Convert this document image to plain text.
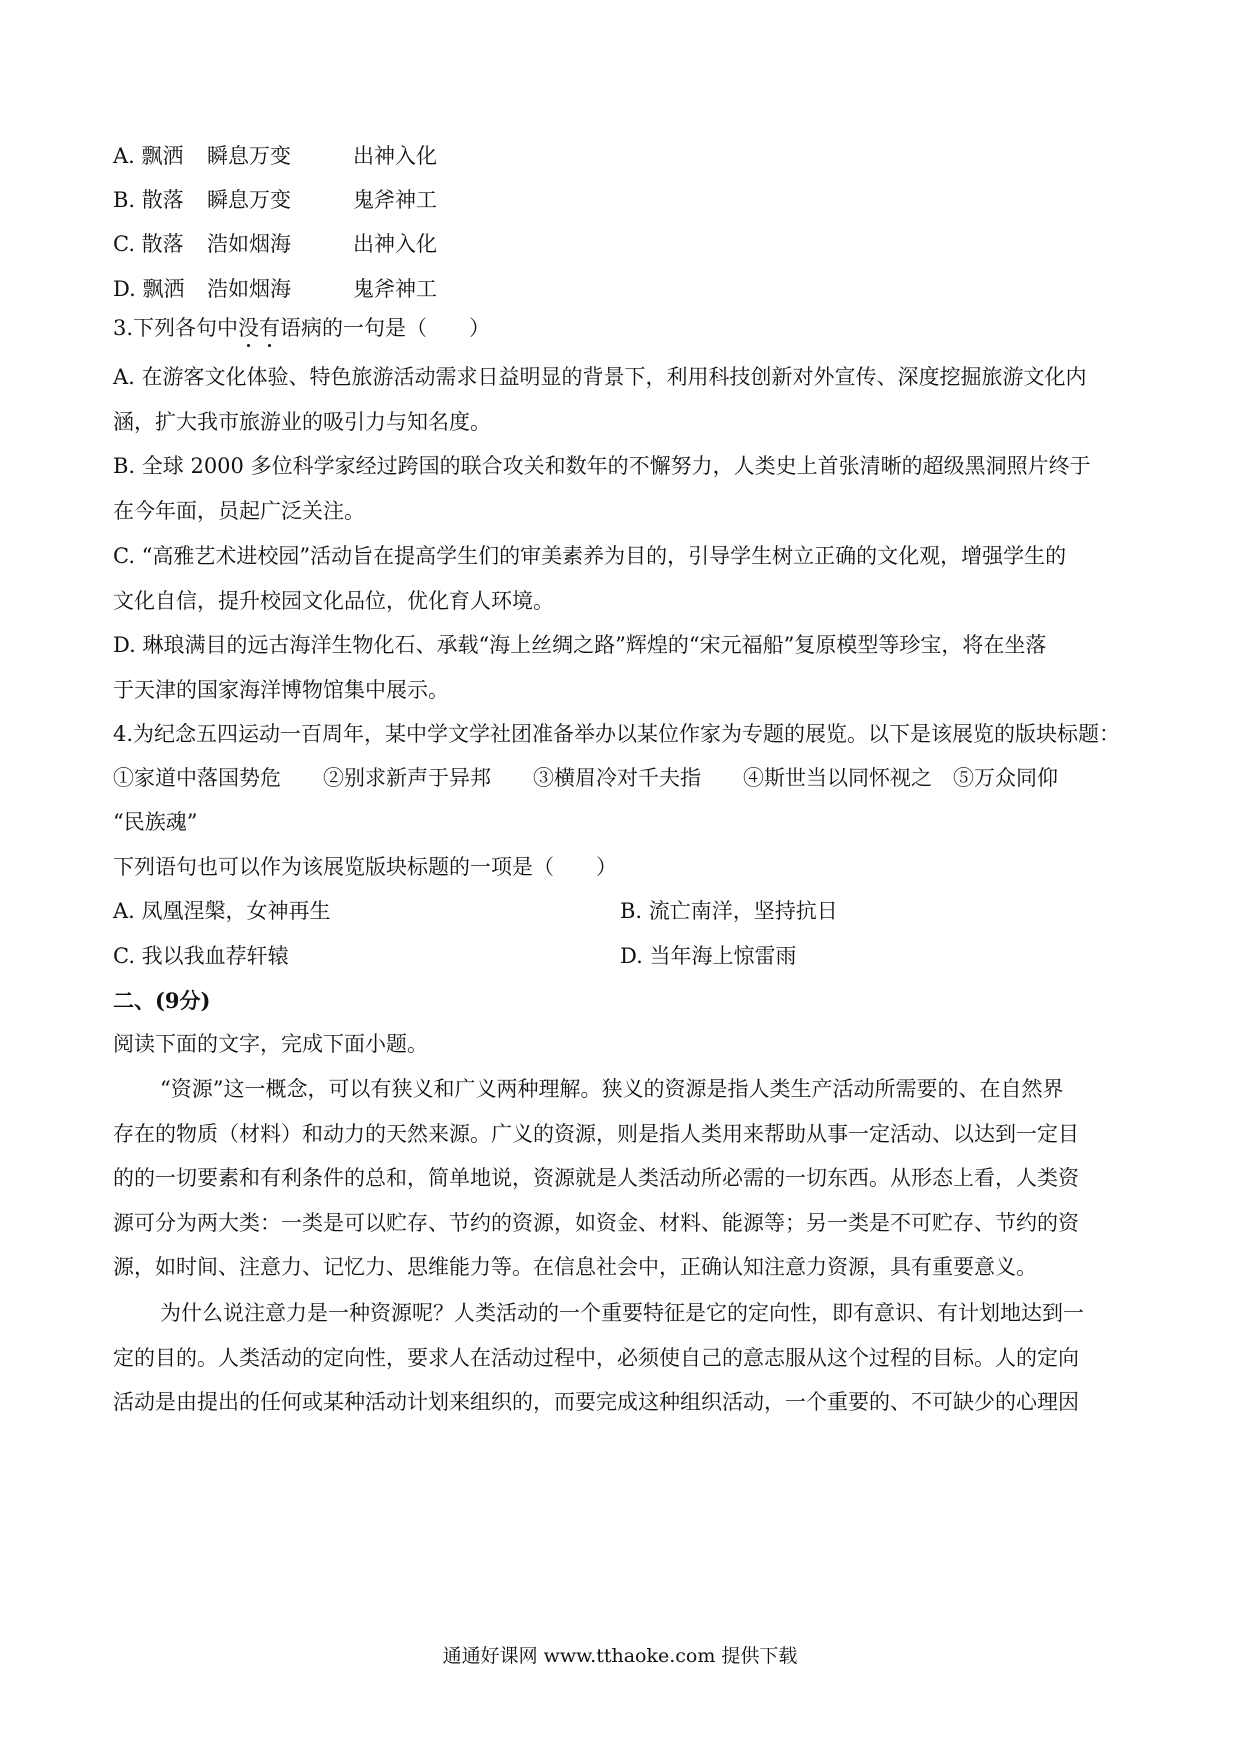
A. 飘洒 瞬息万变	出神入化
B. 散落 瞬息万变	鬼斧神工
C. 散落 浩如烟海	出神入化
D. 飘洒 浩如烟海	鬼斧神工
3.下列各句中没有语病的一句是（　　）
A. 在游客文化体验、特色旅游活动需求日益明显的背景下，利用科技创新对外宣传、深度挖掘旅游文化内
涵，扩大我市旅游业的吸引力与知名度。
B. 全球 2000 多位科学家经过跨国的联合攻关和数年的不懈努力，人类史上首张清晰的超级黑洞照片终于
在今年面，员起广泛关注。
C. “高雅艺术进校园”活动旨在提高学生们的审美素养为目的，引导学生树立正确的文化观，增强学生的
文化自信，提升校园文化品位，优化育人环境。
D. 琳琅满目的远古海洋生物化石、承载“海上丝绸之路”辉煌的“宋元福船”复原模型等珍宝，将在坐落
于天津的国家海洋博物馆集中展示。
4.为纪念五四运动一百周年，某中学文学社团准备举办以某位作家为专题的展览。以下是该展览的版块标题：
①家道中落国势危　　②别求新声于异邦　　③横眉冷对千夫指　　④斯世当以同怀视之　⑤万众同仰
“民族魂”
下列语句也可以作为该展览版块标题的一项是（　　）
A. 凤凰涅槃，女神再生	B. 流亡南洋，坚持抗日
C. 我以我血荐轩辕	D. 当年海上惊雷雨
二、(9分)
阅读下面的文字，完成下面小题。
“资源”这一概念，可以有狭义和广义两种理解。狭义的资源是指人类生产活动所需要的、在自然界
存在的物质（材料）和动力的天然来源。广义的资源，则是指人类用来帮助从事一定活动、以达到一定目
的的一切要素和有利条件的总和，简单地说，资源就是人类活动所必需的一切东西。从形态上看，人类资
源可分为两大类：一类是可以贮存、节约的资源，如资金、材料、能源等；另一类是不可贮存、节约的资
源，如时间、注意力、记忆力、思维能力等。在信息社会中，正确认知注意力资源，具有重要意义。
为什么说注意力是一种资源呢？人类活动的一个重要特征是它的定向性，即有意识、有计划地达到一
定的目的。人类活动的定向性，要求人在活动过程中，必须使自己的意志服从这个过程的目标。人的定向
活动是由提出的任何或某种活动计划来组织的，而要完成这种组织活动，一个重要的、不可缺少的心理因
通通好课网 www.tthaoke.com 提供下载
